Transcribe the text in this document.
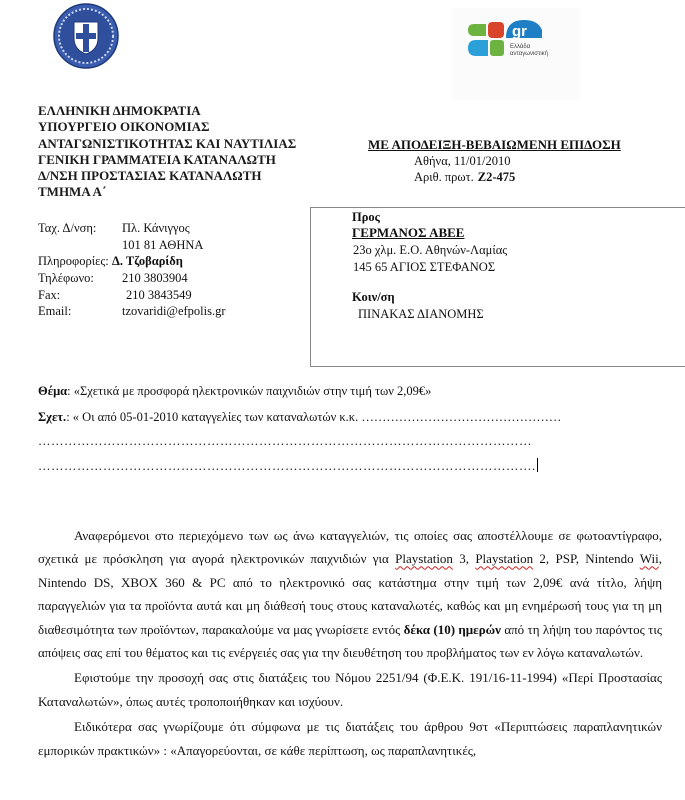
gr
Ελλάδα
ανταγωνιστική
ΕΛΛΗΝΙΚΗ ΔΗΜΟΚΡΑΤΙΑ
ΥΠΟΥΡΓΕΙΟ ΟΙΚΟΝΟΜΙΑΣ
ΑΝΤΑΓΩΝΙΣΤΙΚΟΤΗΤΑΣ ΚΑΙ ΝΑΥΤΙΛΙΑΣ
ΓΕΝΙΚΗ ΓΡΑΜΜΑΤΕΙΑ ΚΑΤΑΝΑΛΩΤΗ
Δ/ΝΣΗ ΠΡΟΣΤΑΣΙΑΣ ΚΑΤΑΝΑΛΩΤΗ
ΤΜΗΜΑ Α΄
ΜΕ ΑΠΟΔΕΙΞΗ-ΒΕΒΑΙΩΜΕΝΗ ΕΠΙΔΟΣΗ
Αθήνα, 11/01/2010
Αριθ. πρωτ. Ζ2-475
Ταχ. Δ/νση: Πλ. Κάνιγγος
101 81 ΑΘΗΝΑ
Πληροφορίες: Δ. Τζοβαρίδη
Τηλέφωνο: 210 3803904
Fax:	210 3843549
Email:	tzovaridi@efpolis.gr
Προς
ΓΕΡΜΑΝΟΣ ΑΒΕΕ
23ο χλμ. Ε.Ο. Αθηνών-Λαμίας
145 65 ΑΓΙΟΣ ΣΤΕΦΑΝΟΣ
Κοιν/ση
ΠΙΝΑΚΑΣ ΔΙΑΝΟΜΗΣ
Θέμα: «Σχετικά με προσφορά ηλεκτρονικών παιχνιδιών στην τιμή των 2,09€»
Σχετ.: « Οι από 05-01-2010 καταγγελίες των καταναλωτών κ.κ. …………………………………………
……………………………………………………………………………………………………
…………………………………………………………………………………………………….

Αναφερόμενοι στο περιεχόμενο των ως άνω καταγγελιών, τις οποίες σας αποστέλλουμε σε φωτοαντίγραφο, σχετικά με πρόσκληση για αγορά ηλεκτρονικών παιχνιδιών για Playstation 3, Playstation 2, PSP, Nintendo Wii, Nintendo DS, XBOX 360 & PC από το ηλεκτρονικό σας κατάστημα στην τιμή των 2,09€ ανά τίτλο, λήψη παραγγελιών για τα προϊόντα αυτά και μη διάθεσή τους στους καταναλωτές, καθώς και μη ενημέρωσή τους για τη μη διαθεσιμότητα των προϊόντων, παρακαλούμε να μας γνωρίσετε εντός δέκα (10) ημερών από τη λήψη του παρόντος τις απόψεις σας επί του θέματος και τις ενέργειές σας για την διευθέτηση του προβλήματος των εν λόγω καταναλωτών.

Εφιστούμε την προσοχή σας στις διατάξεις του Νόμου 2251/94 (Φ.Ε.Κ. 191/16-11-1994) «Περί Προστασίας Καταναλωτών», όπως αυτές τροποποιήθηκαν και ισχύουν.

Ειδικότερα σας γνωρίζουμε ότι σύμφωνα με τις διατάξεις του άρθρου 9στ «Περιπτώσεις παραπλανητικών εμπορικών πρακτικών» : «Απαγορεύονται, σε κάθε περίπτωση, ως παραπλανητικές,
